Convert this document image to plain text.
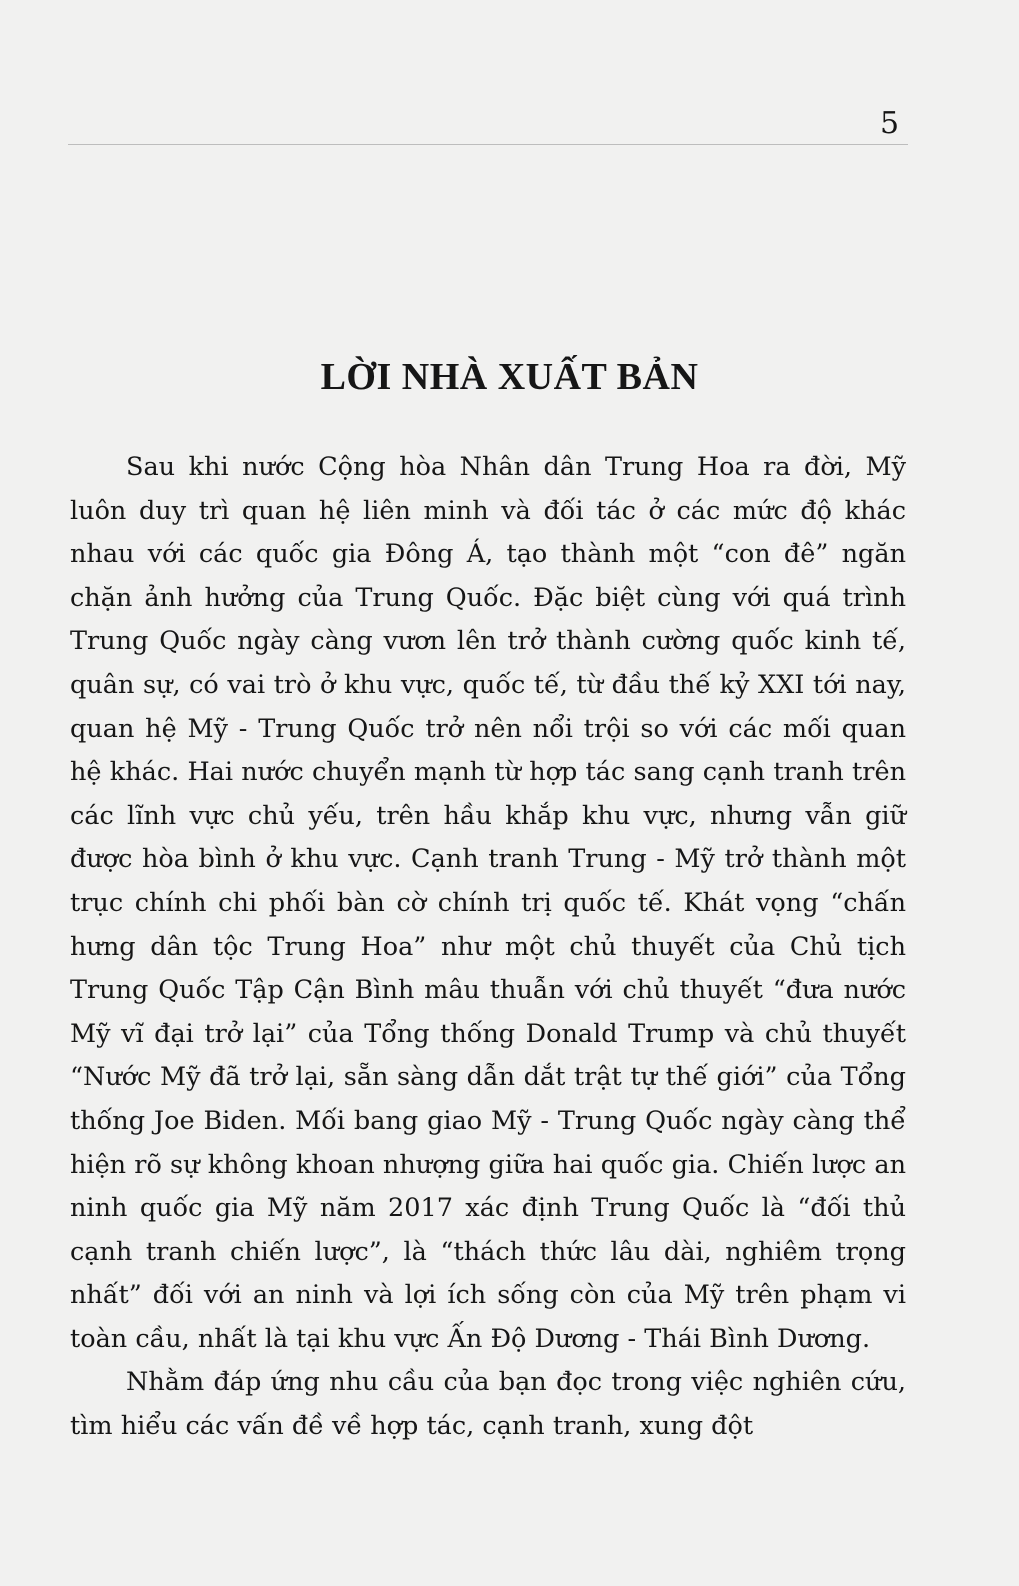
5
LỜI NHÀ XUẤT BẢN

Sau khi nước Cộng hòa Nhân dân Trung Hoa ra đời, Mỹ luôn duy trì quan hệ liên minh và đối tác ở các mức độ khác nhau với các quốc gia Đông Á, tạo thành một “con đê” ngăn chặn ảnh hưởng của Trung Quốc. Đặc biệt cùng với quá trình Trung Quốc ngày càng vươn lên trở thành cường quốc kinh tế, quân sự, có vai trò ở khu vực, quốc tế, từ đầu thế kỷ XXI tới nay, quan hệ Mỹ - Trung Quốc trở nên nổi trội so với các mối quan hệ khác. Hai nước chuyển mạnh từ hợp tác sang cạnh tranh trên các lĩnh vực chủ yếu, trên hầu khắp khu vực, nhưng vẫn giữ được hòa bình ở khu vực. Cạnh tranh Trung - Mỹ trở thành một trục chính chi phối bàn cờ chính trị quốc tế. Khát vọng “chấn hưng dân tộc Trung Hoa” như một chủ thuyết của Chủ tịch Trung Quốc Tập Cận Bình mâu thuẫn với chủ thuyết “đưa nước Mỹ vĩ đại trở lại” của Tổng thống Donald Trump và chủ thuyết “Nước Mỹ đã trở lại, sẵn sàng dẫn dắt trật tự thế giới” của Tổng thống Joe Biden. Mối bang giao Mỹ - Trung Quốc ngày càng thể hiện rõ sự không khoan nhượng giữa hai quốc gia. Chiến lược an ninh quốc gia Mỹ năm 2017 xác định Trung Quốc là “đối thủ cạnh tranh chiến lược”, là “thách thức lâu dài, nghiêm trọng nhất” đối với an ninh và lợi ích sống còn của Mỹ trên phạm vi toàn cầu, nhất là tại khu vực Ấn Độ Dương - Thái Bình Dương.

Nhằm đáp ứng nhu cầu của bạn đọc trong việc nghiên cứu, tìm hiểu các vấn đề về hợp tác, cạnh tranh, xung đột
